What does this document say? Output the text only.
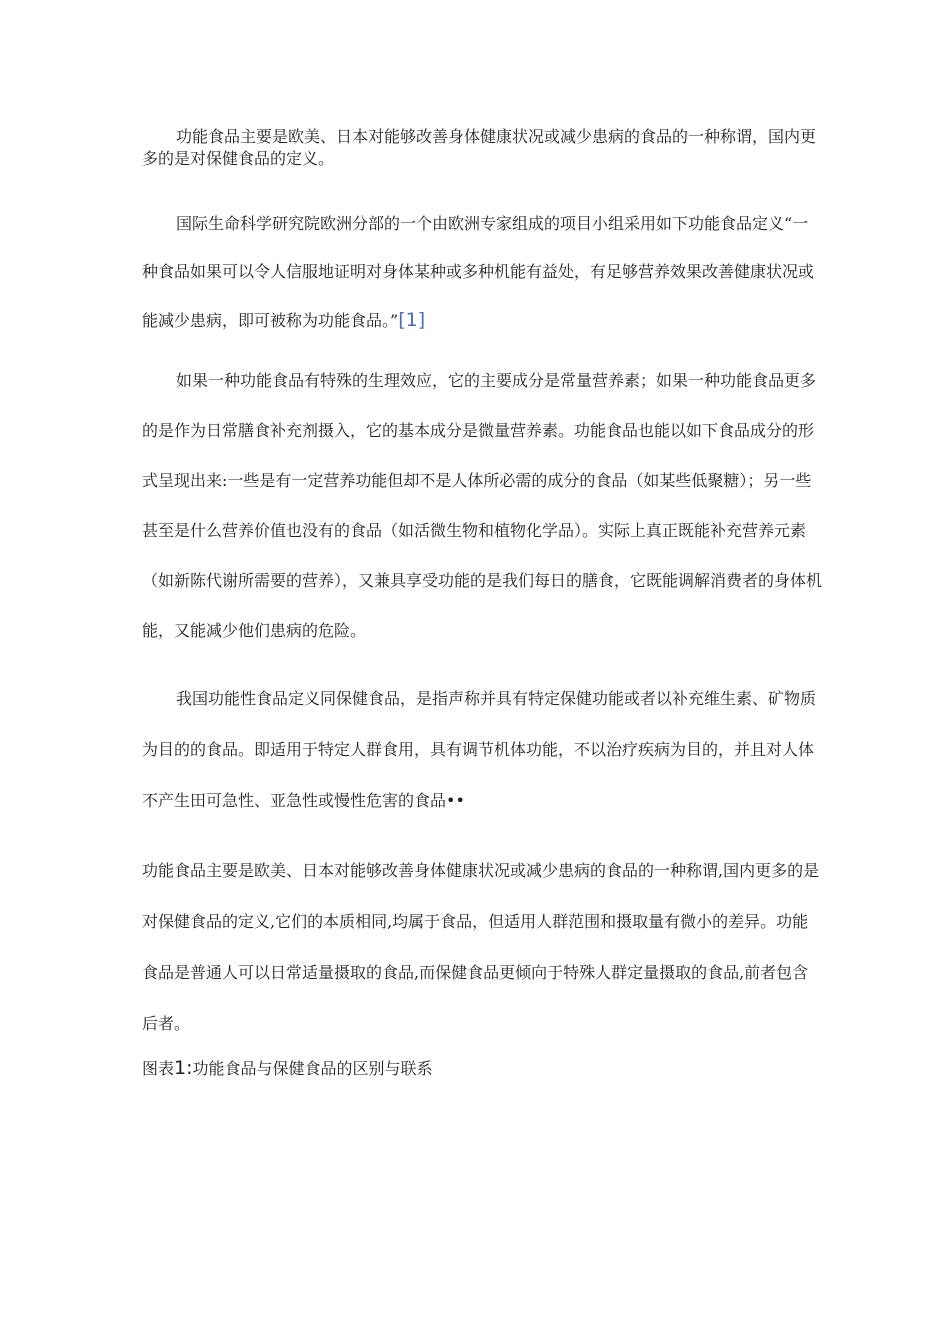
功能食品主要是欧美、日本对能够改善身体健康状况或减少患病的食品的一种称谓，国内更多的是对保健食品的定义。

国际生命科学研究院欧洲分部的一个由欧洲专家组成的项目小组采用如下功能食品定义“一种食品如果可以令人信服地证明对身体某种或多种机能有益处，有足够营养效果改善健康状况或能减少患病，即可被称为功能食品。”[1]

如果一种功能食品有特殊的生理效应，它的主要成分是常量营养素；如果一种功能食品更多的是作为日常膳食补充剂摄入，它的基本成分是微量营养素。功能食品也能以如下食品成分的形式呈现出来:一些是有一定营养功能但却不是人体所必需的成分的食品（如某些低聚糖）；另一些甚至是什么营养价值也没有的食品（如活微生物和植物化学品）。实际上真正既能补充营养元素（如新陈代谢所需要的营养），又兼具享受功能的是我们每日的膳食，它既能调解消费者的身体机能，又能减少他们患病的危险。

我国功能性食品定义同保健食品，是指声称并具有特定保健功能或者以补充维生素、矿物质为目的的食品。即适用于特定人群食用，具有调节机体功能，不以治疗疾病为目的，并且对人体不产生田可急性、亚急性或慢性危害的食品••

功能食品主要是欧美、日本对能够改善身体健康状况或减少患病的食品的一种称谓,国内更多的是对保健食品的定义,它们的本质相同,均属于食品，但适用人群范围和摄取量有微小的差异。功能食品是普通人可以日常适量摄取的食品,而保健食品更倾向于特殊人群定量摄取的食品,前者包含后者。

图表1:功能食品与保健食品的区别与联系
